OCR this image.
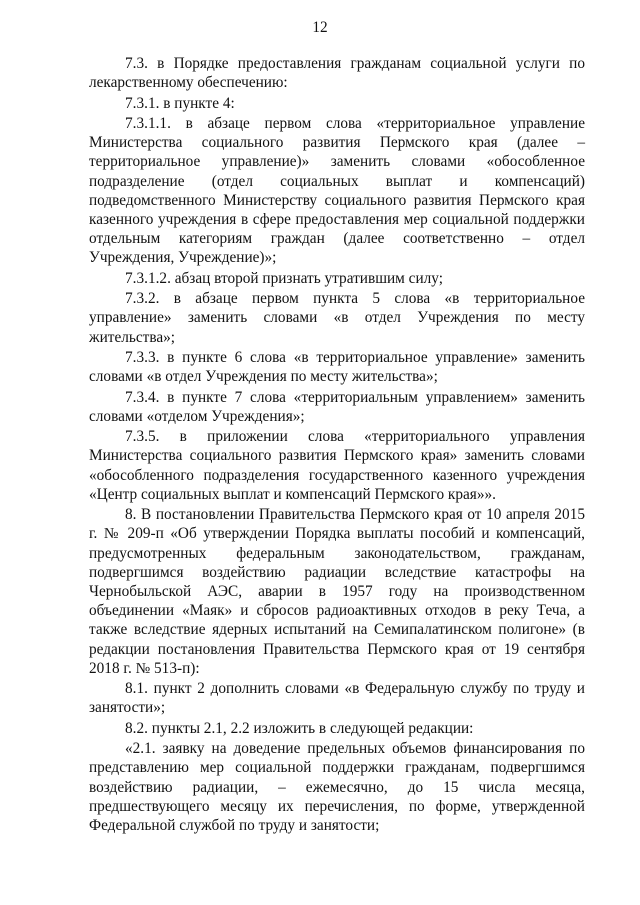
12

7.3. в Порядке предоставления гражданам социальной услуги по лекарственному обеспечению:

7.3.1. в пункте 4:

7.3.1.1. в абзаце первом слова «территориальное управление Министерства социального развития Пермского края (далее – территориальное управление)» заменить словами «обособленное подразделение (отдел социальных выплат и компенсаций) подведомственного Министерству социального развития Пермского края казенного учреждения в сфере предоставления мер социальной поддержки отдельным категориям граждан (далее соответственно – отдел Учреждения, Учреждение)»;

7.3.1.2. абзац второй признать утратившим силу;

7.3.2. в абзаце первом пункта 5 слова «в территориальное управление» заменить словами «в отдел Учреждения по месту жительства»;

7.3.3. в пункте 6 слова «в территориальное управление» заменить словами «в отдел Учреждения по месту жительства»;

7.3.4. в пункте 7 слова «территориальным управлением» заменить словами «отделом Учреждения»;

7.3.5. в приложении слова «территориального управления Министерства социального развития Пермского края» заменить словами «обособленного подразделения государственного казенного учреждения «Центр социальных выплат и компенсаций Пермского края»».

8. В постановлении Правительства Пермского края от 10 апреля 2015 г. № 209-п «Об утверждении Порядка выплаты пособий и компенсаций, предусмотренных федеральным законодательством, гражданам, подвергшимся воздействию радиации вследствие катастрофы на Чернобыльской АЭС, аварии в 1957 году на производственном объединении «Маяк» и сбросов радиоактивных отходов в реку Теча, а также вследствие ядерных испытаний на Семипалатинском полигоне» (в редакции постановления Правительства Пермского края от 19 сентября 2018 г. № 513-п):

8.1. пункт 2 дополнить словами «в Федеральную службу по труду и занятости»;

8.2. пункты 2.1, 2.2 изложить в следующей редакции:

«2.1. заявку на доведение предельных объемов финансирования по представлению мер социальной поддержки гражданам, подвергшимся воздействию радиации, – ежемесячно, до 15 числа месяца, предшествующего месяцу их перечисления, по форме, утвержденной Федеральной службой по труду и занятости;
